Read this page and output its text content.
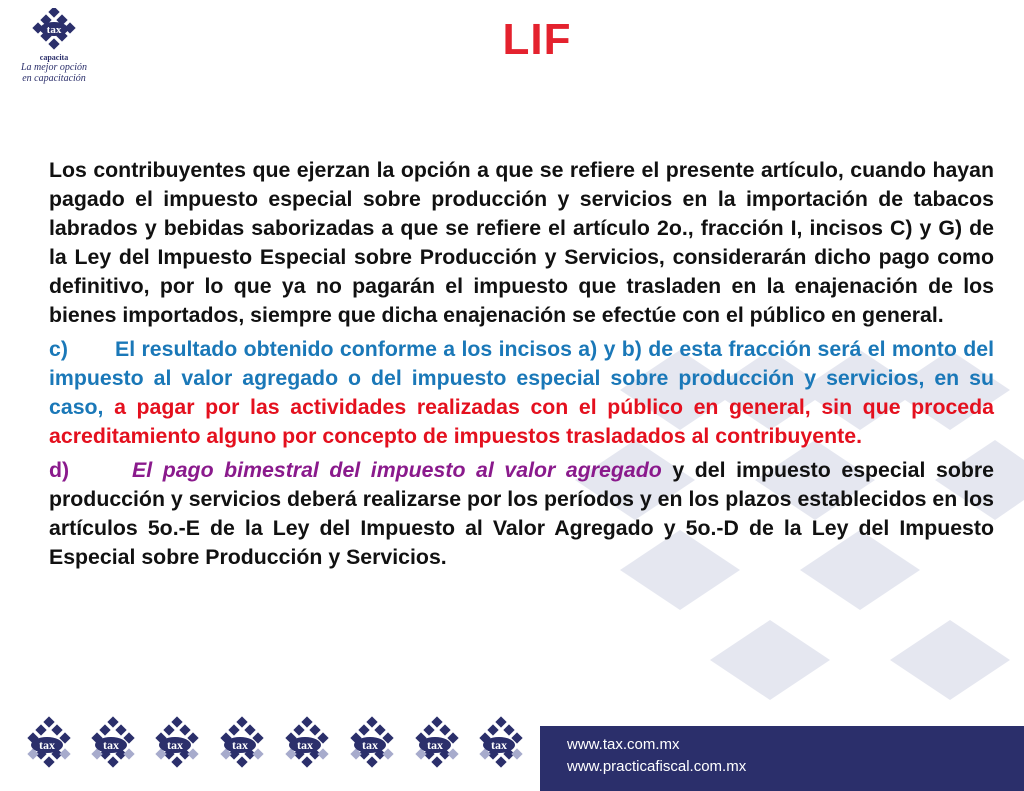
tax
capacita
La mejor opción
en capacitación
LIF

Los contribuyentes que ejerzan la opción a que se refiere el presente artículo, cuando hayan pagado el impuesto especial sobre producción y servicios en la importación de tabacos labrados y bebidas saborizadas a que se refiere el artículo 2o., fracción I, incisos C) y G) de la Ley del Impuesto Especial sobre Producción y Servicios, considerarán dicho pago como definitivo, por lo que ya no pagarán el impuesto que trasladen en la enajenación de los bienes importados, siempre que dicha enajenación se efectúe con el público en general.

c) El resultado obtenido conforme a los incisos a) y b) de esta fracción será el monto del impuesto al valor agregado o del impuesto especial sobre producción y servicios, en su caso, a pagar por las actividades realizadas con el público en general, sin que proceda acreditamiento alguno por concepto de impuestos trasladados al contribuyente.

d)	El pago bimestral del impuesto al valor agregado y del impuesto especial sobre producción y servicios deberá realizarse por los períodos y en los plazos establecidos en los artículos 5o.-E de la Ley del Impuesto al Valor Agregado y 5o.-D de la Ley del Impuesto Especial sobre Producción y Servicios.

www.tax.com.mx
www.practicafiscal.com.mx
